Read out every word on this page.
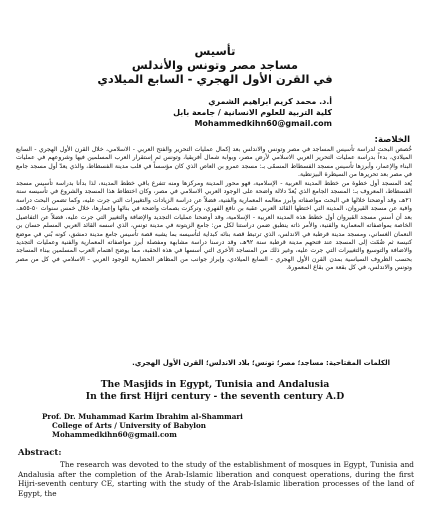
تأسيس
مساجد مصر وتونس والأندلس
في القرن الأول الهجري - السابع الميلادي
أ.د. محمد كريم ابراهيم الشمري
كلية التربية للعلوم الانسانية / جامعة بابل
Mohammedkihn60@gmail.com
الخلاصة:

خُصص البحث لدراسة تأسيس المساجد في مصر وتونس والاندلس بعد إكمال عمليات التحرير والفتح العربي - الاسلامي، خلال القرن الأول الهجري - السابع الميلادي، بدءاً بدراسة عمليات التحرير العربي الاسلامي لأرض مصر، وبوابة شمال أفريقيا، وتونس ثم إستقرار العرب المسلمين فيها وشروعهم في عمليات البناء والإعمار، وأبرزها تأسيس مسجد الفسطاط المسمّى بـ: مسجد عمرو بن العاص الذي كان مؤسساً في قلب مدينة الفسطاط، والذي يعدّ أول مسجد جامع في مصر بعد تحريرها من السيطرة البيزنطية.

يُعد المسجد أول خطوة من خطط المدينة العربية - الإسلامية، فهو محور المدينة ومركزها ومنه تتفرع باقي خطط المدينة، لذا بدأنا بدراسة تأسيس مسجد الفسطاط، المعروف بـ: المسجد الجامع الذي يُعدّ دلالة واضحة على الوجود العربي الاسلامي في مصر، وكان اختطاط هذا المسجد والشروع في تأسيسه سنة ٢١هـ، وقد أوضحنا خلالها في البحث مواصفاته وأبرز معالمه المعمارية والفنية، فضلاً عن دراسة الزيادات والتغييرات التي جرت عليه، وكما تضمن البحث دراسة وافية عن مسجد القيروان، المدينة التي اختطها القائد العربي عقبة بن نافع الفهري، وتركزت بصمات واضحة في بنائها وإعمارها، خلال خمس سنوات ٥٠-٥٥هـ، بعد أن أسس مسجد القيروان أول خطط هذه المدينة العربية - الإسلامية، وقد أوضحنا عمليات التجديد والإضافة والتغيير التي جرت عليه، فضلاً عن التفاصيل الخاصة بمواصفاته المعمارية والفنية، والأمر ذاته ينطبق ضمن دراستنا لكل من: جامع الزيتونة في مدينة تونس، الذي اسسه القائد العربي المسلم حسان بن النعمان الغساني، ومسجد مدينة قرطبة في الاندلس، الذي ترتبط قصة بنائه كبداية لتأسيسه بما يشبه قصة تأسيس جامع مدينة دمشق، كونه بُني في موضع كنيسة ثم ضُمّت إلى المسجد عند فتحهم مدينة قرطبة سنة ٩٢هـ، وقد درسنا دراسة مشابهة ومفصلة أبرز مواصفاته المعمارية والفنية وعمليات التجديد والاضافة والتوسيع والتغييرات التي جرت عليه، وغير ذلك من المساجد الأخرى التي أسسها في هذه الحقبة، مما يوضح اهتمام العرب المسلمين ببناء المساجد بحسب الظروف السياسية بمدن القرن الأول الهجري - السابع الميلادي، وإبراز جوانب من المظاهر الحضارية للوجود العربي - الاسلامي في كل من مصر وتونس والاندلس، في كل بقعة من بقاع المعمورة.

الكلمات المفتاحية: مساجد؛ مصر؛ تونس؛ بلاد الاندلس؛ القرن الأول الهجري.
The Masjids in Egypt, Tunisia and Andalusia
In the first Hijri century - the seventh century A.D
Prof. Dr. Muhammad Karim Ibrahim al-Shammari
College of Arts / University of Babylon
Mohammedkihn60@gmail.com
Abstract:
The research was devoted to the study of the establishment of mosques in Egypt, Tunisia and Andalusia after the completion of the Arab-Islamic liberation and conquest operations, during the first Hijri-seventh century CE, starting with the study of the Arab-Islamic liberation processes of the land of Egypt, the
